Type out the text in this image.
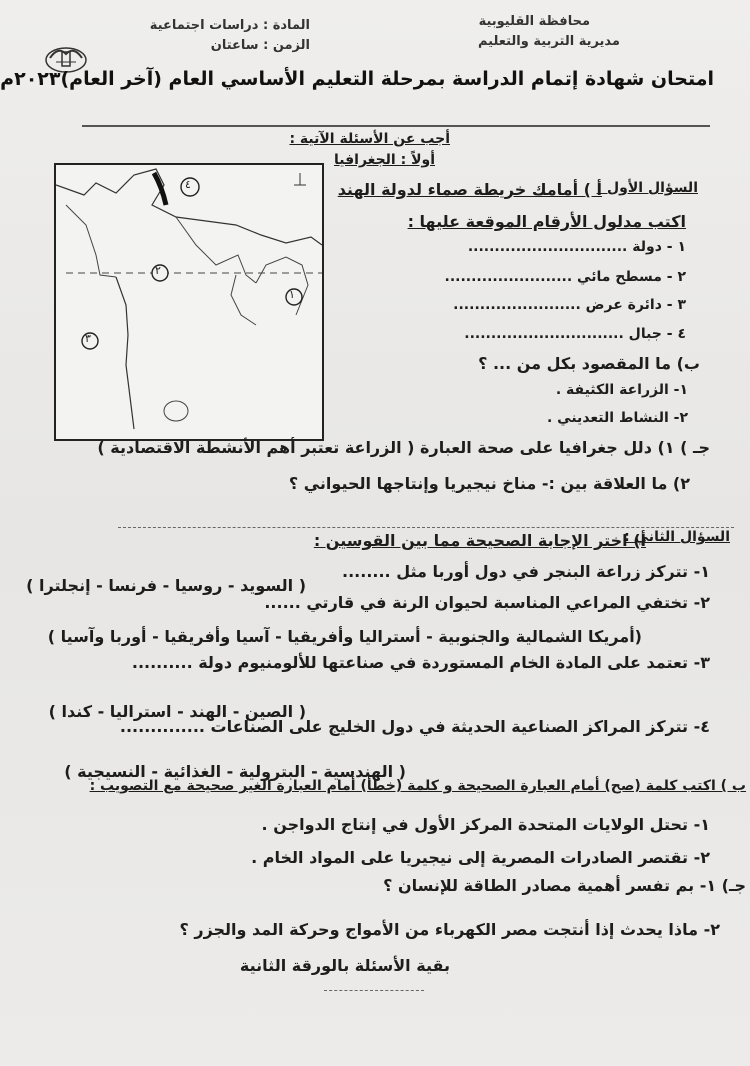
محافظة القليوبية
مديرية التربية والتعليم
المادة : دراسات اجتماعية
الزمن : ساعتان
امتحان شهادة إتمام الدراسة بمرحلة التعليم الأساسي العام (آخر العام)٢٠٢٣م
أجب عن الأسئلة الآتية :
أولاً : الجغرافيا
٤
٢
١
٣
السؤال الأول :
أ ) أمامك خريطة صماء لدولة الهند
اكتب مدلول الأرقام الموقعة عليها :
١ - دولة ..............................
٢ - مسطح مائي ........................
٣ - دائرة عرض ........................
٤ - جبال ..............................
ب) ما المقصود بكل من ... ؟
١- الزراعة الكثيفة .
٢- النشاط التعديني .
جـ ) ١) دلل جغرافيا على صحة العبارة ( الزراعة تعتبر أهم الأنشطة الاقتصادية )
٢) ما العلاقة بين :- مناخ نيجيريا وإنتاجها الحيواني ؟
السؤال الثاني :
أ) اختر الإجابة الصحيحة مما بين القوسين :
١- تتركز زراعة البنجر في دول أوربا مثل ........
( السويد - روسيا - فرنسا - إنجلترا )
٢- تختفي المراعي المناسبة لحيوان الرنة في قارتي ......
(أمريكا الشمالية والجنوبية - أستراليا وأفريقيا - آسيا وأفريقيا - أوربا وآسيا )
٣- تعتمد على المادة الخام المستوردة في صناعتها للألومنيوم دولة ..........
( الصين - الهند - استراليا - كندا )
٤- تتركز المراكز الصناعية الحديثة في دول الخليج على الصناعات ..............
( الهندسية - البترولية - الغذائية - النسيجية )
ب ) اكتب كلمة (صح) أمام العبارة الصحيحة و كلمة (خطأ) أمام العبارة الغير صحيحة مع التصويب :
١- تحتل الولايات المتحدة المركز الأول في إنتاج الدواجن .
٢- تقتصر الصادرات المصرية إلى نيجيريا على المواد الخام .
جـ) ١- بم تفسر أهمية مصادر الطاقة للإنسان ؟
٢- ماذا يحدث إذا أنتجت مصر الكهرباء من الأمواج وحركة المد والجزر ؟
بقية الأسئلة بالورقة الثانية
